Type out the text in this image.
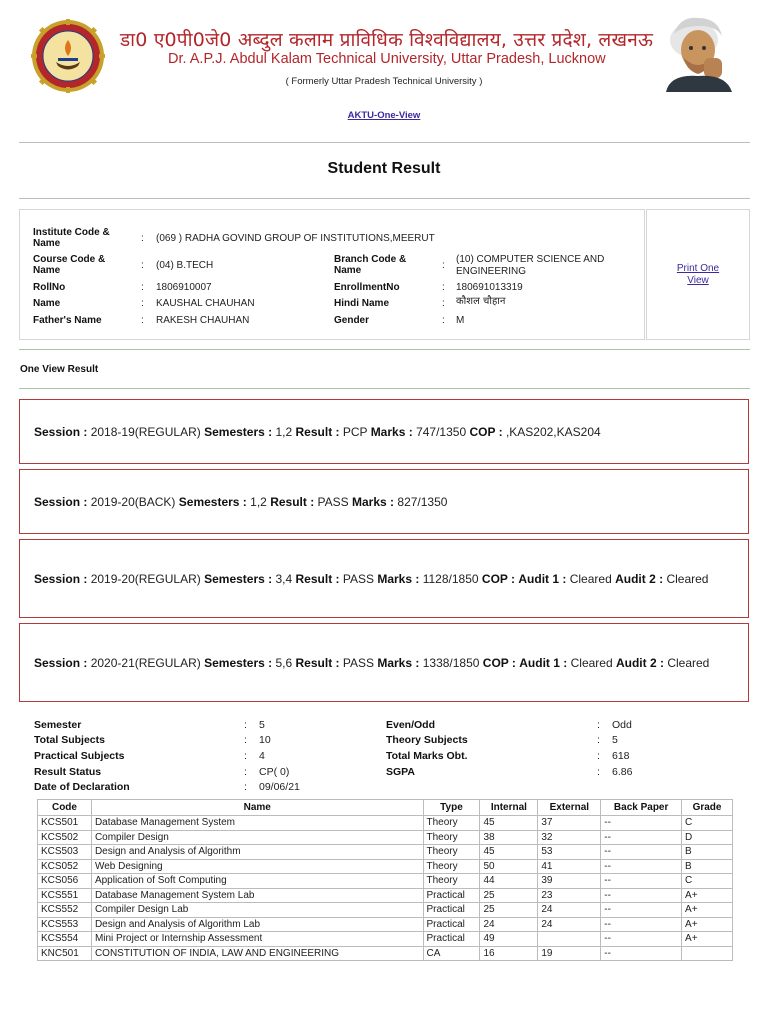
डा0 ए0पी0जे0 अब्दुल कलाम प्राविधिक विश्वविद्यालय, उत्तर प्रदेश, लखनऊ
Dr. A.P.J. Abdul Kalam Technical University, Uttar Pradesh, Lucknow
( Formerly Uttar Pradesh Technical University )
AKTU-One-View
Student Result
Institute Code & Name	: (069 ) RADHA GOVIND GROUP OF INSTITUTIONS,MEERUT
Course Code & Name	: (04) B.TECH
Branch Code & Name	:
(10) COMPUTER SCIENCE AND ENGINEERING
RollNo	: 1806910007	EnrollmentNo	: 180691013319
Name	: KAUSHAL CHAUHAN	Hindi Name	: कौशल चौहान
Father's Name	: RAKESH CHAUHAN	Gender	: M
Print One View
One View Result
Session : 2018-19(REGULAR) Semesters : 1,2 Result : PCP Marks : 747/1350 COP : ,KAS202,KAS204
Session : 2019-20(BACK) Semesters : 1,2 Result : PASS Marks : 827/1350
Session : 2019-20(REGULAR) Semesters : 3,4 Result : PASS Marks : 1128/1850 COP : Audit 1 : Cleared Audit 2 : Cleared
Session : 2020-21(REGULAR) Semesters : 5,6 Result : PASS Marks : 1338/1850 COP : Audit 1 : Cleared Audit 2 : Cleared
Semester	: 5	Even/Odd	: Odd
Total Subjects	: 10	Theory Subjects	: 5
Practical Subjects	: 4	Total Marks Obt.	: 618
Result Status	: CP( 0)	SGPA	: 6.86
Date of Declaration	: 09/06/21
Code	Name	Type	Internal	External	Back Paper	Grade
KCS501	Database Management System	Theory	45	37	--	C
KCS502	Compiler Design	Theory	38	32	--	D
KCS503	Design and Analysis of Algorithm	Theory	45	53	--	B
KCS052	Web Designing	Theory	50	41	--	B
KCS056	Application of Soft Computing	Theory	44	39	--	C
KCS551	Database Management System Lab	Practical	25	23	--	A+
KCS552	Compiler Design Lab	Practical	25	24	--	A+
KCS553	Design and Analysis of Algorithm Lab	Practical	24	24	--	A+
KCS554	Mini Project or Internship Assessment	Practical	49		--	A+
KNC501	CONSTITUTION OF INDIA, LAW AND ENGINEERING	CA	16	19	--	
